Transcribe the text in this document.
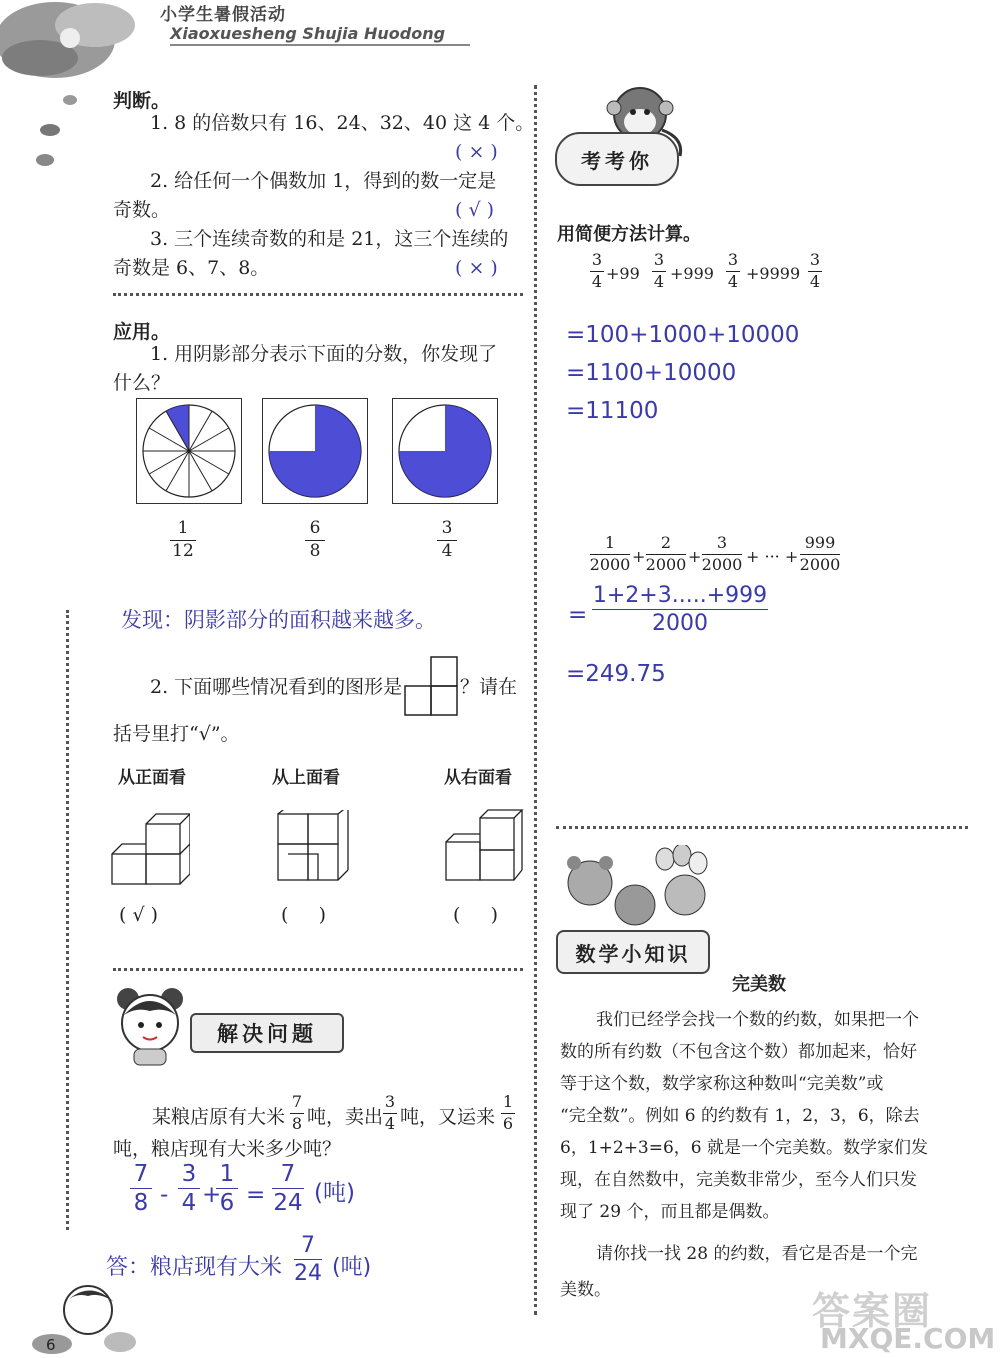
小学生暑假活动
Xiaoxuesheng Shujia Huodong
判断。
1. 8 的倍数只有 16、24、32、40 这 4 个。
( × )
2. 给任何一个偶数加 1，得到的数一定是
奇数。	( √ )
3. 三个连续奇数的和是 21，这三个连续的
奇数是 6、7、8。	( × )
应用。
1. 用阴影部分表示下面的分数，你发现了
什么？
1
12
6
8
3
4
发现：阴影部分的面积越来越多。
2. 下面哪些情况看到的图形是	？请在
括号里打“√”。
从正面看	从上面看	从右面看
( √ )	(     )	(     )
解决问题
某粮店原有大米
7
8 吨，卖出
3
4 吨，又运来
1
6
吨，粮店现有大米多少吨？
7
8 -
3
4 +
1
6 =
7
24 (吨)
答：粮店现有大米
7
24 (吨)
6
考考你
用简便方法计算。
3
4 +99
3
4 +999
3
4 +9999
3
4
=100+1000+10000
=1100+10000
=11100
1
2000 +
2
2000 +
3
2000 + ··· +
999
2000
=
1+2+3.....+999
2000
=249.75
数学小知识
完美数
我们已经学会找一个数的约数，如果把一个
数的所有约数（不包含这个数）都加起来，恰好
等于这个数，数学家称这种数叫“完美数”或
“完全数”。例如 6 的约数有 1，2，3，6，除去
6，1+2+3=6，6 就是一个完美数。数学家们发
现，在自然数中，完美数非常少，至今人们只发
现了 29 个，而且都是偶数。
请你找一找 28 的约数，看它是否是一个完
美数。	答案圈
MXQE.COM
